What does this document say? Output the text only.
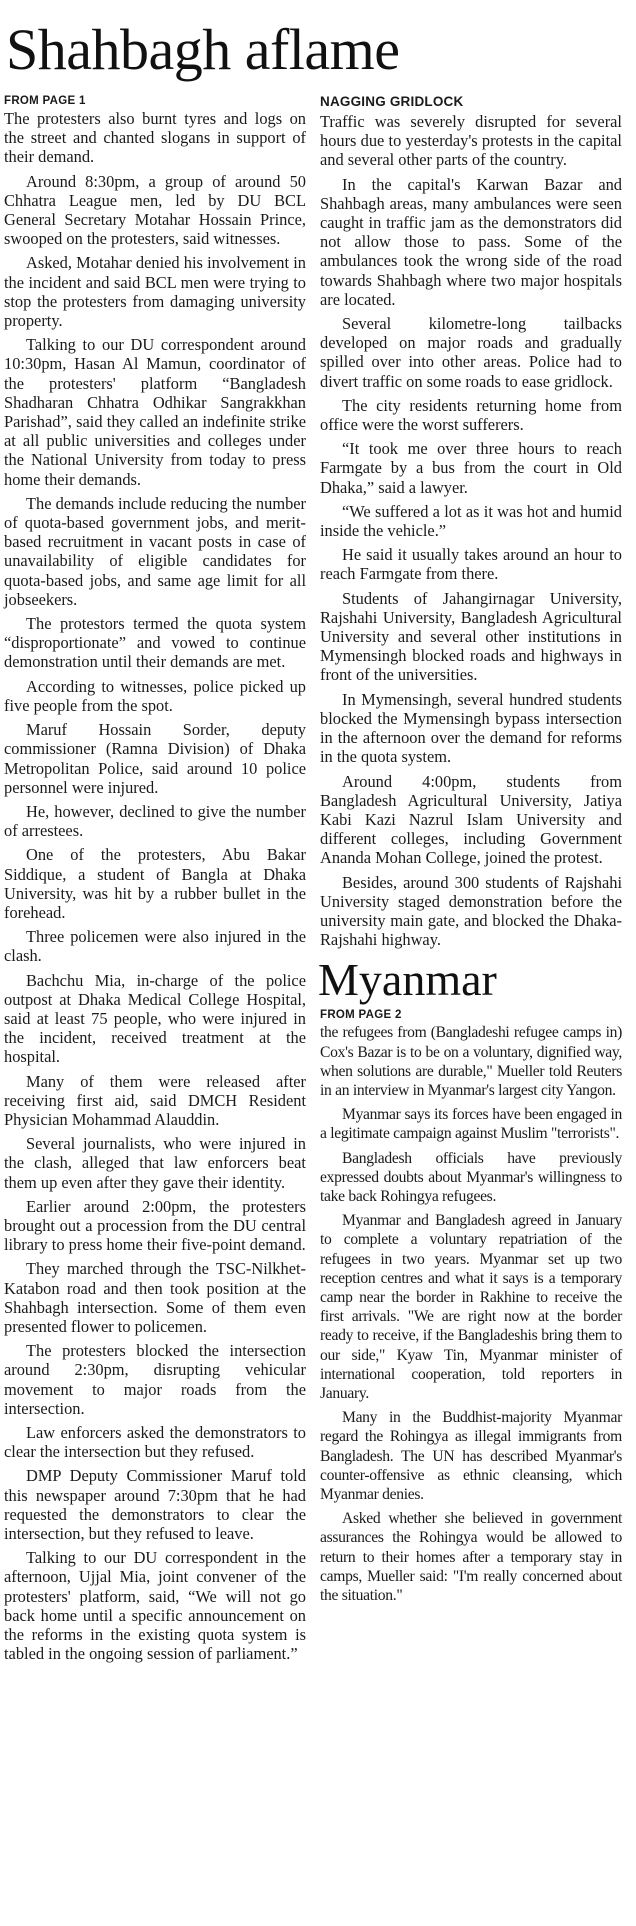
Shahbagh aflame
FROM PAGE 1

The protesters also burnt tyres and logs on the street and chanted slogans in support of their demand.

Around 8:30pm, a group of around 50 Chhatra League men, led by DU BCL General Secretary Motahar Hossain Prince, swooped on the protesters, said witnesses.

Asked, Motahar denied his involvement in the incident and said BCL men were trying to stop the protesters from damaging university property.

Talking to our DU correspondent around 10:30pm, Hasan Al Mamun, coordinator of the protesters' platform “Bangladesh Shadharan Chhatra Odhikar Sangrakkhan Parishad”, said they called an indefinite strike at all public universities and colleges under the National University from today to press home their demands.

The demands include reducing the number of quota-based government jobs, and merit-based recruitment in vacant posts in case of unavailability of eligible candidates for quota-based jobs, and same age limit for all jobseekers.

The protestors termed the quota system “disproportionate” and vowed to continue demonstration until their demands are met.

According to witnesses, police picked up five people from the spot.

Maruf Hossain Sorder, deputy commissioner (Ramna Division) of Dhaka Metropolitan Police, said around 10 police personnel were injured.

He, however, declined to give the number of arrestees.

One of the protesters, Abu Bakar Siddique, a student of Bangla at Dhaka University, was hit by a rubber bullet in the forehead.

Three policemen were also injured in the clash.

Bachchu Mia, in-charge of the police outpost at Dhaka Medical College Hospital, said at least 75 people, who were injured in the incident, received treatment at the hospital.

Many of them were released after receiving first aid, said DMCH Resident Physician Mohammad Alauddin.

Several journalists, who were injured in the clash, alleged that law enforcers beat them up even after they gave their identity.

Earlier around 2:00pm, the protesters brought out a procession from the DU central library to press home their five-point demand.

They marched through the TSC-Nilkhet-Katabon road and then took position at the Shahbagh intersection. Some of them even presented flower to policemen.

The protesters blocked the intersection around 2:30pm, disrupting vehicular movement to major roads from the intersection.

Law enforcers asked the demonstrators to clear the intersection but they refused.

DMP Deputy Commissioner Maruf told this newspaper around 7:30pm that he had requested the demonstrators to clear the intersection, but they refused to leave.

Talking to our DU correspondent in the afternoon, Ujjal Mia, joint convener of the protesters' platform, said, “We will not go back home until a specific announcement on the reforms in the existing quota system is tabled in the ongoing session of parliament.”

NAGGING GRIDLOCK

Traffic was severely disrupted for several hours due to yesterday's protests in the capital and several other parts of the country.

In the capital's Karwan Bazar and Shahbagh areas, many ambulances were seen caught in traffic jam as the demonstrators did not allow those to pass. Some of the ambulances took the wrong side of the road towards Shahbagh where two major hospitals are located.

Several kilometre-long tailbacks developed on major roads and gradually spilled over into other areas. Police had to divert traffic on some roads to ease gridlock.

The city residents returning home from office were the worst sufferers.

“It took me over three hours to reach Farmgate by a bus from the court in Old Dhaka,” said a lawyer.

“We suffered a lot as it was hot and humid inside the vehicle.”

He said it usually takes around an hour to reach Farmgate from there.

Students of Jahangirnagar University, Rajshahi University, Bangladesh Agricultural University and several other institutions in Mymensingh blocked roads and highways in front of the universities.

In Mymensingh, several hundred students blocked the Mymensingh bypass intersection in the afternoon over the demand for reforms in the quota system.

Around 4:00pm, students from Bangladesh Agricultural University, Jatiya Kabi Kazi Nazrul Islam University and different colleges, including Government Ananda Mohan College, joined the protest.

Besides, around 300 students of Rajshahi University staged demonstration before the university main gate, and blocked the Dhaka-Rajshahi highway.

Myanmar
FROM PAGE 2

the refugees from (Bangladeshi refugee camps in) Cox's Bazar is to be on a voluntary, dignified way, when solutions are durable," Mueller told Reuters in an interview in Myanmar's largest city Yangon.

Myanmar says its forces have been engaged in a legitimate campaign against Muslim "terrorists".

Bangladesh officials have previously expressed doubts about Myanmar's willingness to take back Rohingya refugees.

Myanmar and Bangladesh agreed in January to complete a voluntary repatriation of the refugees in two years. Myanmar set up two reception centres and what it says is a temporary camp near the border in Rakhine to receive the first arrivals. "We are right now at the border ready to receive, if the Bangladeshis bring them to our side," Kyaw Tin, Myanmar minister of international cooperation, told reporters in January.

Many in the Buddhist-majority Myanmar regard the Rohingya as illegal immigrants from Bangladesh. The UN has described Myanmar's counter-offensive as ethnic cleansing, which Myanmar denies.

Asked whether she believed in government assurances the Rohingya would be allowed to return to their homes after a temporary stay in camps, Mueller said: "I'm really concerned about the situation."
